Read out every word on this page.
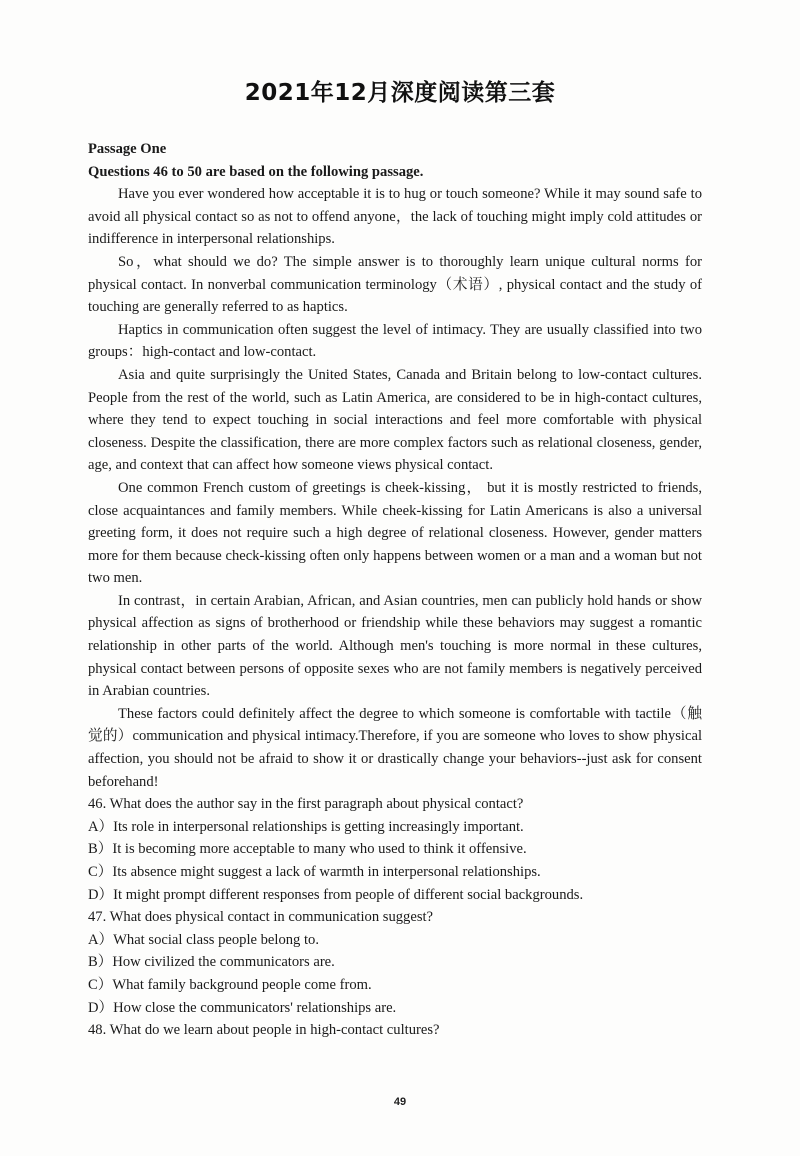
2021年12月深度阅读第三套

Passage One

Questions 46 to 50 are based on the following passage.

Have you ever wondered how acceptable it is to hug or touch someone? While it may sound safe to avoid all physical contact so as not to offend anyone，the lack of touching might imply cold attitudes or indifference in interpersonal relationships.

So，what should we do? The simple answer is to thoroughly learn unique cultural norms for physical contact. In nonverbal communication terminology（术语）, physical contact and the study of touching are generally referred to as haptics.

Haptics in communication often suggest the level of intimacy. They are usually classified into two groups：high-contact and low-contact.

Asia and quite surprisingly the United States, Canada and Britain belong to low-contact cultures. People from the rest of the world, such as Latin America, are considered to be in high-contact cultures, where they tend to expect touching in social interactions and feel more comfortable with physical closeness. Despite the classification, there are more complex factors such as relational closeness, gender, age, and context that can affect how someone views physical contact.

One common French custom of greetings is cheek-kissing， but it is mostly restricted to friends, close acquaintances and family members. While cheek-kissing for Latin Americans is also a universal greeting form, it does not require such a high degree of relational closeness. However, gender matters more for them because check-kissing often only happens between women or a man and a woman but not two men.

In contrast，in certain Arabian, African, and Asian countries, men can publicly hold hands or show physical affection as signs of brotherhood or friendship while these behaviors may suggest a romantic relationship in other parts of the world. Although men's touching is more normal in these cultures, physical contact between persons of opposite sexes who are not family members is negatively perceived in Arabian countries.

These factors could definitely affect the degree to which someone is comfortable with tactile（触觉的）communication and physical intimacy.Therefore, if you are someone who loves to show physical affection, you should not be afraid to show it or drastically change your behaviors--just ask for consent beforehand!

46. What does the author say in the first paragraph about physical contact?

A）Its role in interpersonal relationships is getting increasingly important.

B）It is becoming more acceptable to many who used to think it offensive.

C）Its absence might suggest a lack of warmth in interpersonal relationships.

D）It might prompt different responses from people of different social backgrounds.

47. What does physical contact in communication suggest?

A）What social class people belong to.

B）How civilized the communicators are.

C）What family background people come from.

D）How close the communicators' relationships are.

48. What do we learn about people in high-contact cultures?

49
